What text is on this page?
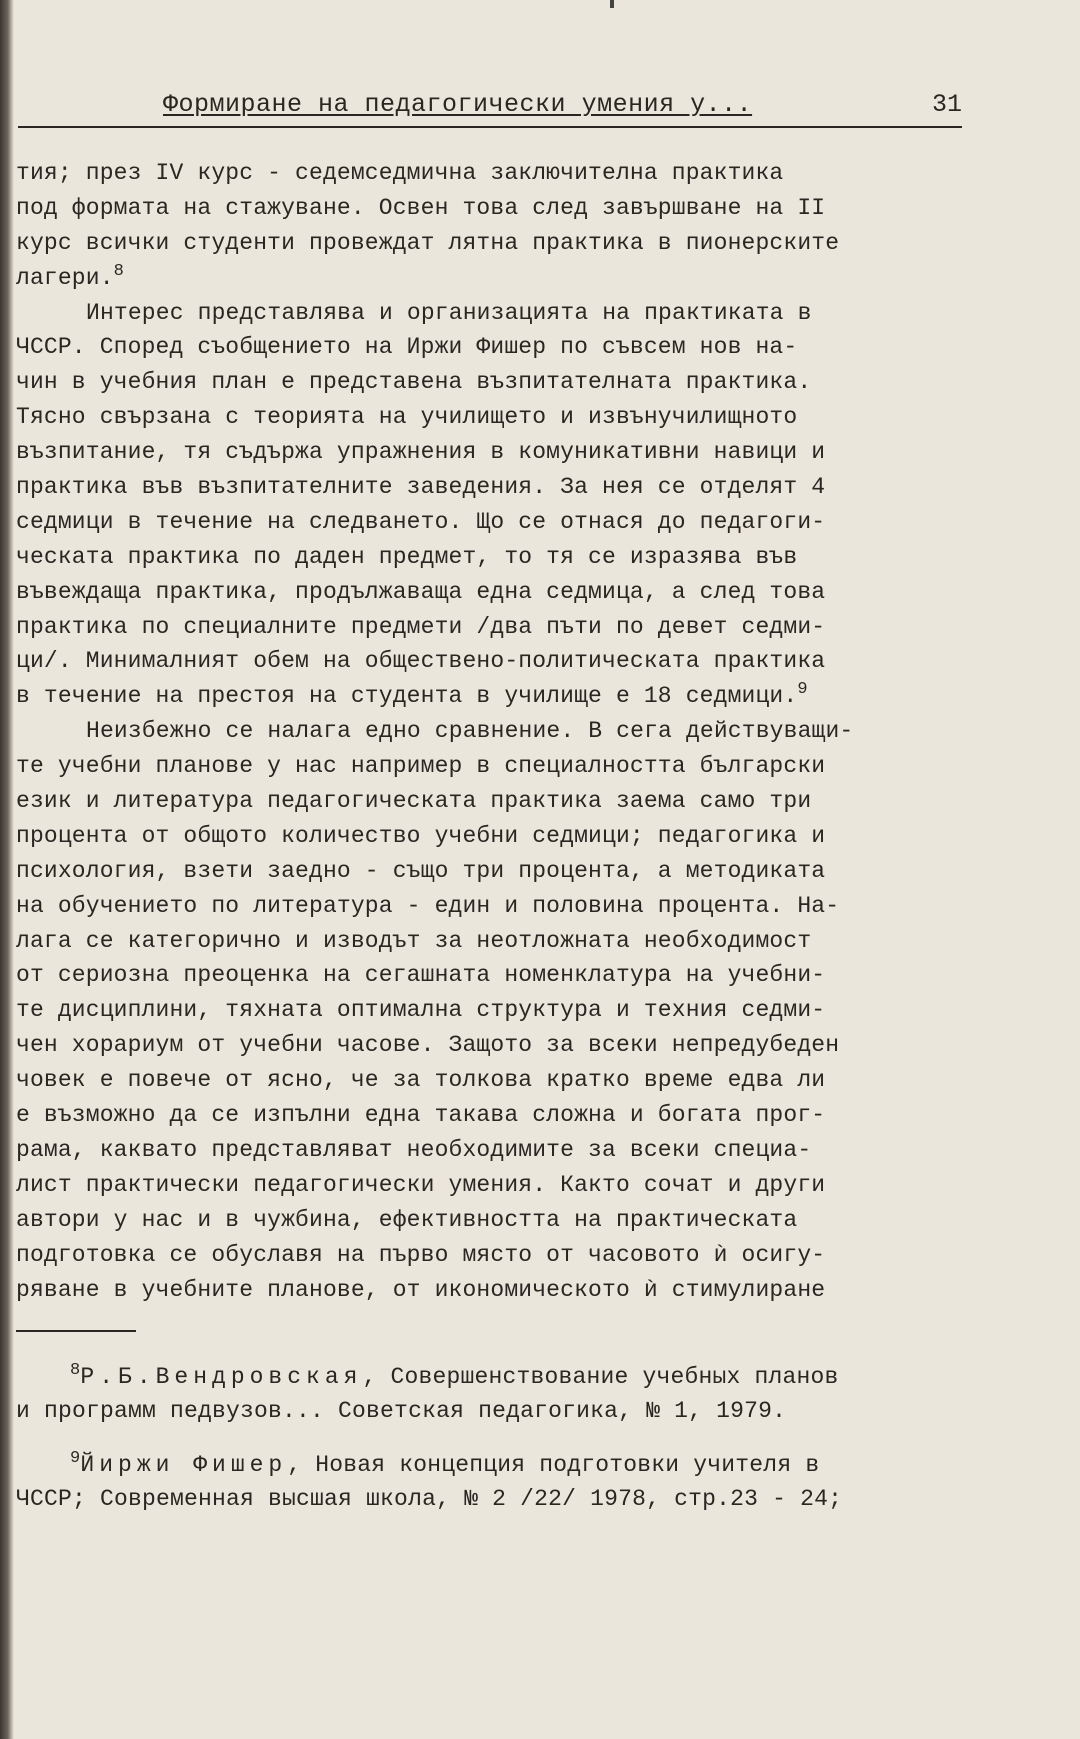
Формиране на педагогически умения у...	31
тия; през IV курс - седемседмична заключителна практика
под формата на стажуване. Освен това след завършване на II
курс всички студенти провеждат лятна практика в пионерските
лагери.$^8$
Интерес представлява и организацията на практиката в
ЧССР. Според съобщението на Иржи Фишер по съвсем нов на-
чин в учебния план е представена възпитателната практика.
Тясно свързана с теорията на училището и извънучилищното
възпитание, тя съдържа упражнения в комуникативни навици и
практика във възпитателните заведения. За нея се отделят 4
седмици в течение на следването. Що се отнася до педагоги-
ческата практика по даден предмет, то тя се изразява във
въвеждаща практика, продължаваща една седмица, а след това
практика по специалните предмети /два пъти по девет седми-
ци/. Минималният обем на обществено-политическата практика
в течение на престоя на студента в училище е 18 седмици.$^9$
Неизбежно се налага едно сравнение. В сега действуващи-
те учебни планове у нас например в специалността български
език и литература педагогическата практика заема само три
процента от общото количество учебни седмици; педагогика и
психология, взети заедно - също три процента, а методиката
на обучението по литература - един и половина процента. На-
лага се категорично и изводът за неотложната необходимост
от сериозна преоценка на сегашната номенклатура на учебни-
те дисциплини, тяхната оптимална структура и техния седми-
чен хорариум от учебни часове. Защото за всеки непредубеден
човек е повече от ясно, че за толкова кратко време едва ли
е възможно да се изпълни една такава сложна и богата прог-
рама, каквато представляват необходимите за всеки специа-
лист практически педагогически умения. Както сочат и други
автори у нас и в чужбина, ефективността на практическата
подготовка се обуславя на първо място от часовото ѝ осигу-
ряване в учебните планове, от икономическото ѝ стимулиране
$^8$Р.Б.Вендровская, Совершенствование учебных планов
и программ педвузов... Советская педагогика, № 1, 1979.
$^9$Йиржи Фишер, Новая концепция подготовки учителя в
ЧССР; Современная высшая школа, № 2 /22/ 1978, стр.23 - 24;
